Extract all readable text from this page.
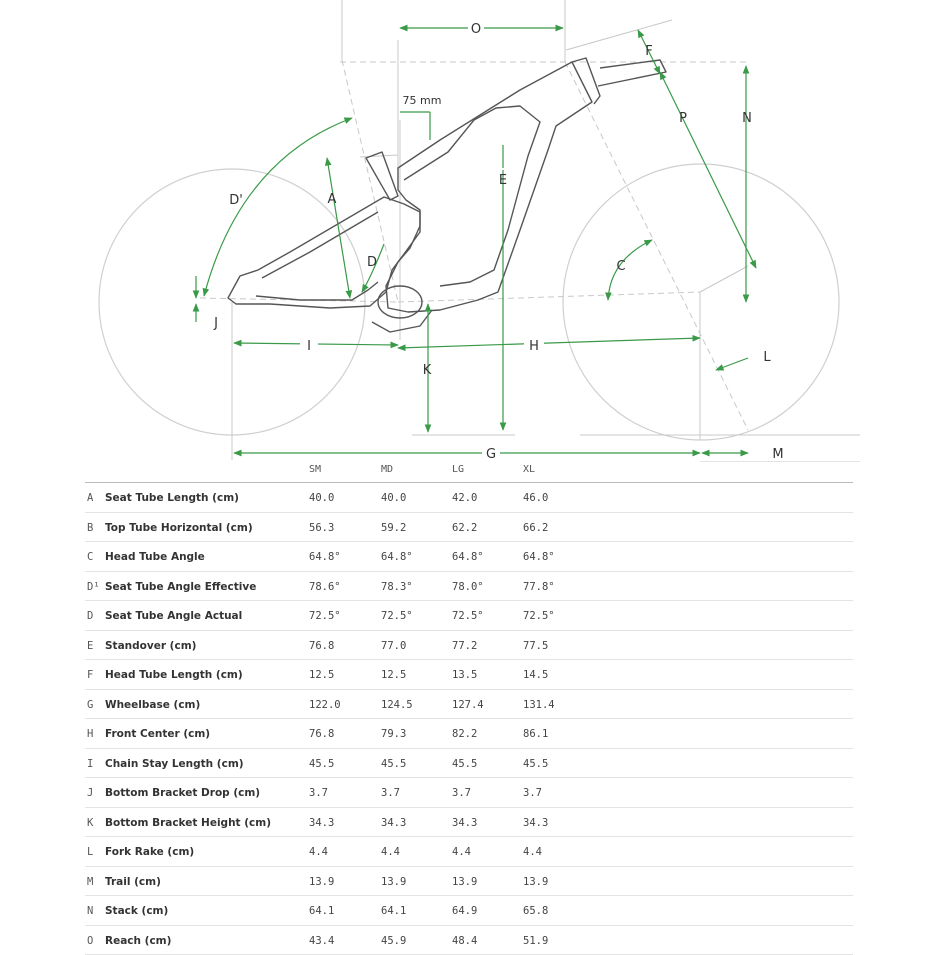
O
F
P	N
75 mm
E
A
D'
D	C
J
I	H
K
L
G	M
SM	MD	LG	XL
A Seat Tube Length (cm)	40.0	40.0	42.0	46.0
B Top Tube Horizontal (cm)	56.3	59.2	62.2	66.2
C Head Tube Angle	64.8°	64.8°	64.8°	64.8°
D¹ Seat Tube Angle Effective	78.6°	78.3°	78.0°	77.8°
D Seat Tube Angle Actual	72.5°	72.5°	72.5°	72.5°
E Standover (cm)	76.8	77.0	77.2	77.5
F Head Tube Length (cm)	12.5	12.5	13.5	14.5
G Wheelbase (cm)	122.0	124.5	127.4	131.4
H Front Center (cm)	76.8	79.3	82.2	86.1
I Chain Stay Length (cm)	45.5	45.5	45.5	45.5
J Bottom Bracket Drop (cm)	3.7	3.7	3.7	3.7
K Bottom Bracket Height (cm)	34.3	34.3	34.3	34.3
L Fork Rake (cm)	4.4	4.4	4.4	4.4
M Trail (cm)	13.9	13.9	13.9	13.9
N Stack (cm)	64.1	64.1	64.9	65.8
O Reach (cm)	43.4	45.9	48.4	51.9
